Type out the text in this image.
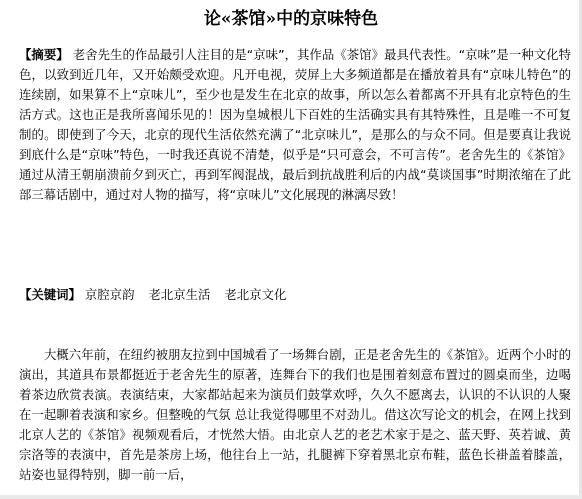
论«茶馆»中的京味特色

【摘要】 老舍先生的作品最引人注目的是“京味”，其作品《茶馆》最具代表性。“京味”是一种文化特色，以致到近几年，又开始颇受欢迎。凡开电视，荧屏上大多频道都是在播放着具有“京味儿特色”的连续剧，如果算不上“京味儿”，至少也是发生在北京的故事，所以怎么着都离不开具有北京特色的生活方式。这也正是我所喜闻乐见的！因为皇城根儿下百姓的生活确实具有其特殊性，且是唯一不可复制的。即使到了今天，北京的现代生活依然充满了“北京味儿”，是那么的与众不同。但是要真让我说到底什么是“京味”特色，一时我还真说不清楚，似乎是“只可意会，不可言传”。老舍先生的《茶馆》通过从清王朝崩溃前夕到灭亡，再到军阀混战，最后到抗战胜利后的内战“莫谈国事”时期浓缩在了此部三幕话剧中，通过对人物的描写，将“京味儿”文化展现的淋漓尽致！

【关键词】 京腔京韵 老北京生活 老北京文化

大概六年前，在纽约被朋友拉到中国城看了一场舞台剧，正是老舍先生的《茶馆》。近两个小时的演出，其道具布景都挺近于老舍先生的原著，连舞台下的我们也是围着刻意布置过的圆桌而坐，边喝着茶边欣赏表演。表演结束，大家都站起来为演员们鼓掌欢呼，久久不愿离去，认识的不认识的人聚在一起聊着表演和家乡。但整晚的气氛 总让我觉得哪里不对劲儿。借这次写论文的机会，在网上找到北京人艺的《茶馆》视频观看后，才恍然大悟。由北京人艺的老艺术家于是之、蓝天野、英若诚、黄宗洛等的表演中，首先是茶房上场，他往台上一站，扎腿裤下穿着黑北京布鞋，蓝色长褂盖着膝盖，站姿也显得特别，脚一前一后，
